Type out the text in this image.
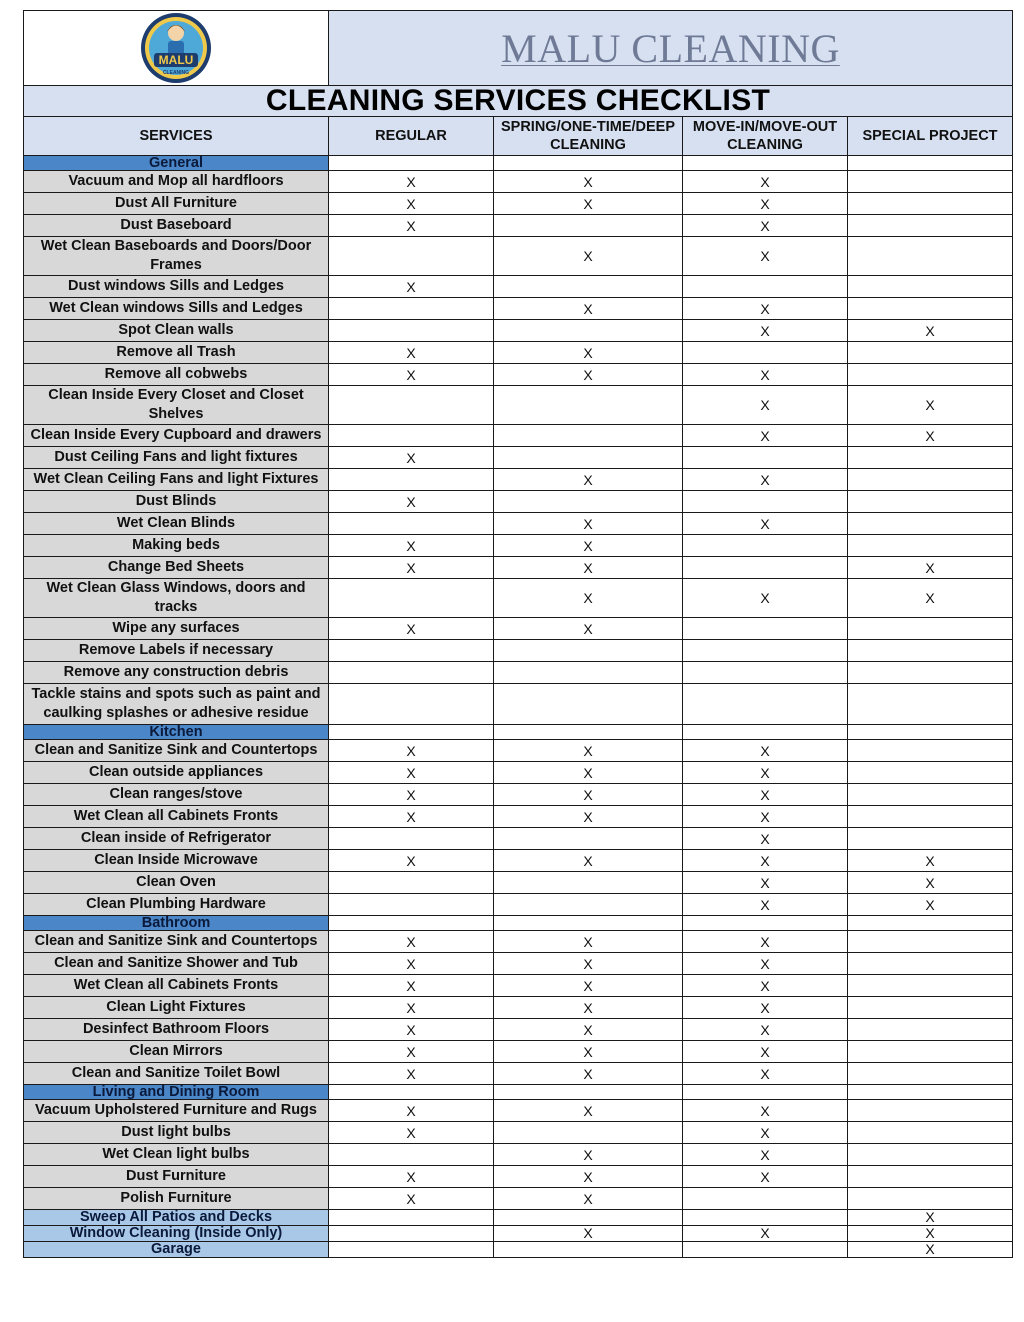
MALU
CLEANING	MALU CLEANING			
CLEANING SERVICES CHECKLIST				
SERVICES	REGULAR	SPRING/ONE-TIME/DEEP CLEANING	MOVE-IN/MOVE-OUT CLEANING	SPECIAL PROJECT
General				
Vacuum and Mop all hardfloors	X	X	X	
Dust All Furniture	X	X	X	
Dust Baseboard	X		X	
Wet Clean Baseboards and Doors/Door Frames		X	X	
Dust windows Sills and Ledges	X			
Wet Clean windows Sills and Ledges		X	X	
Spot Clean walls			X	X
Remove all Trash	X	X		
Remove all cobwebs	X	X	X	
Clean Inside Every Closet and Closet Shelves			X	X
Clean Inside Every Cupboard and drawers			X	X
Dust Ceiling Fans and light fixtures	X			
Wet Clean Ceiling Fans and light Fixtures		X	X	
Dust Blinds	X			
Wet Clean Blinds		X	X	
Making beds	X	X		
Change Bed Sheets	X	X		X
Wet Clean Glass Windows, doors and tracks		X	X	X
Wipe any surfaces	X	X		
Remove Labels if necessary				
Remove any construction debris				
Tackle stains and spots such as paint and caulking splashes or adhesive residue				
Kitchen				
Clean and Sanitize Sink and Countertops	X	X	X	
Clean outside appliances	X	X	X	
Clean ranges/stove	X	X	X	
Wet Clean all Cabinets Fronts	X	X	X	
Clean inside of Refrigerator			X	
Clean Inside Microwave	X	X	X	X
Clean Oven			X	X
Clean Plumbing Hardware			X	X
Bathroom				
Clean and Sanitize Sink and Countertops	X	X	X	
Clean and Sanitize Shower and Tub	X	X	X	
Wet Clean all Cabinets Fronts	X	X	X	
Clean Light Fixtures	X	X	X	
Desinfect Bathroom Floors	X	X	X	
Clean Mirrors	X	X	X	
Clean and Sanitize Toilet Bowl	X	X	X	
Living and Dining Room				
Vacuum Upholstered Furniture and Rugs	X	X	X	
Dust light bulbs	X		X	
Wet Clean light bulbs		X	X	
Dust Furniture	X	X	X	
Polish Furniture	X	X		
Sweep All Patios and Decks				X
Window Cleaning (Inside Only)		X	X	X
Garage				X
